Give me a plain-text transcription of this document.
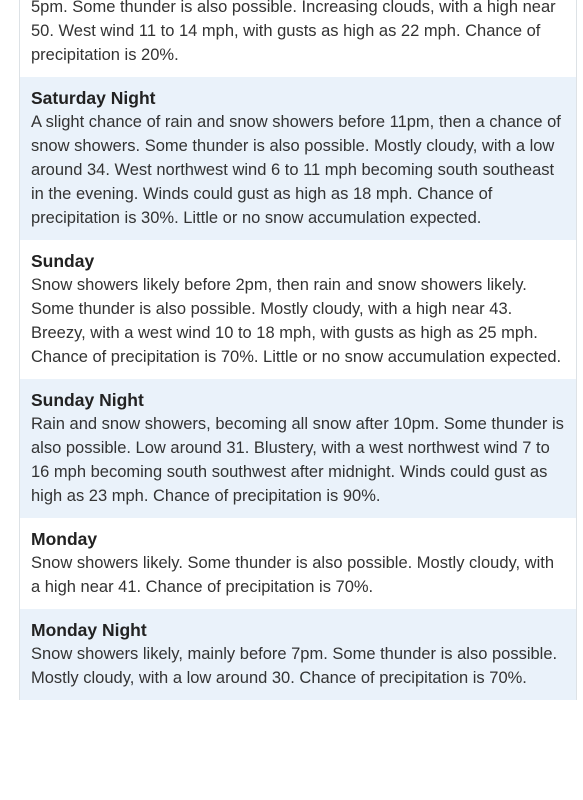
5pm. Some thunder is also possible. Increasing clouds, with a high near 50. West wind 11 to 14 mph, with gusts as high as 22 mph. Chance of precipitation is 20%.

Saturday Night

A slight chance of rain and snow showers before 11pm, then a chance of snow showers. Some thunder is also possible. Mostly cloudy, with a low around 34. West northwest wind 6 to 11 mph becoming south southeast in the evening. Winds could gust as high as 18 mph. Chance of precipitation is 30%. Little or no snow accumulation expected.

Sunday

Snow showers likely before 2pm, then rain and snow showers likely. Some thunder is also possible. Mostly cloudy, with a high near 43. Breezy, with a west wind 10 to 18 mph, with gusts as high as 25 mph. Chance of precipitation is 70%. Little or no snow accumulation expected.

Sunday Night

Rain and snow showers, becoming all snow after 10pm. Some thunder is also possible. Low around 31. Blustery, with a west northwest wind 7 to 16 mph becoming south southwest after midnight. Winds could gust as high as 23 mph. Chance of precipitation is 90%.

Monday

Snow showers likely. Some thunder is also possible. Mostly cloudy, with a high near 41. Chance of precipitation is 70%.

Monday Night

Snow showers likely, mainly before 7pm. Some thunder is also possible. Mostly cloudy, with a low around 30. Chance of precipitation is 70%.
